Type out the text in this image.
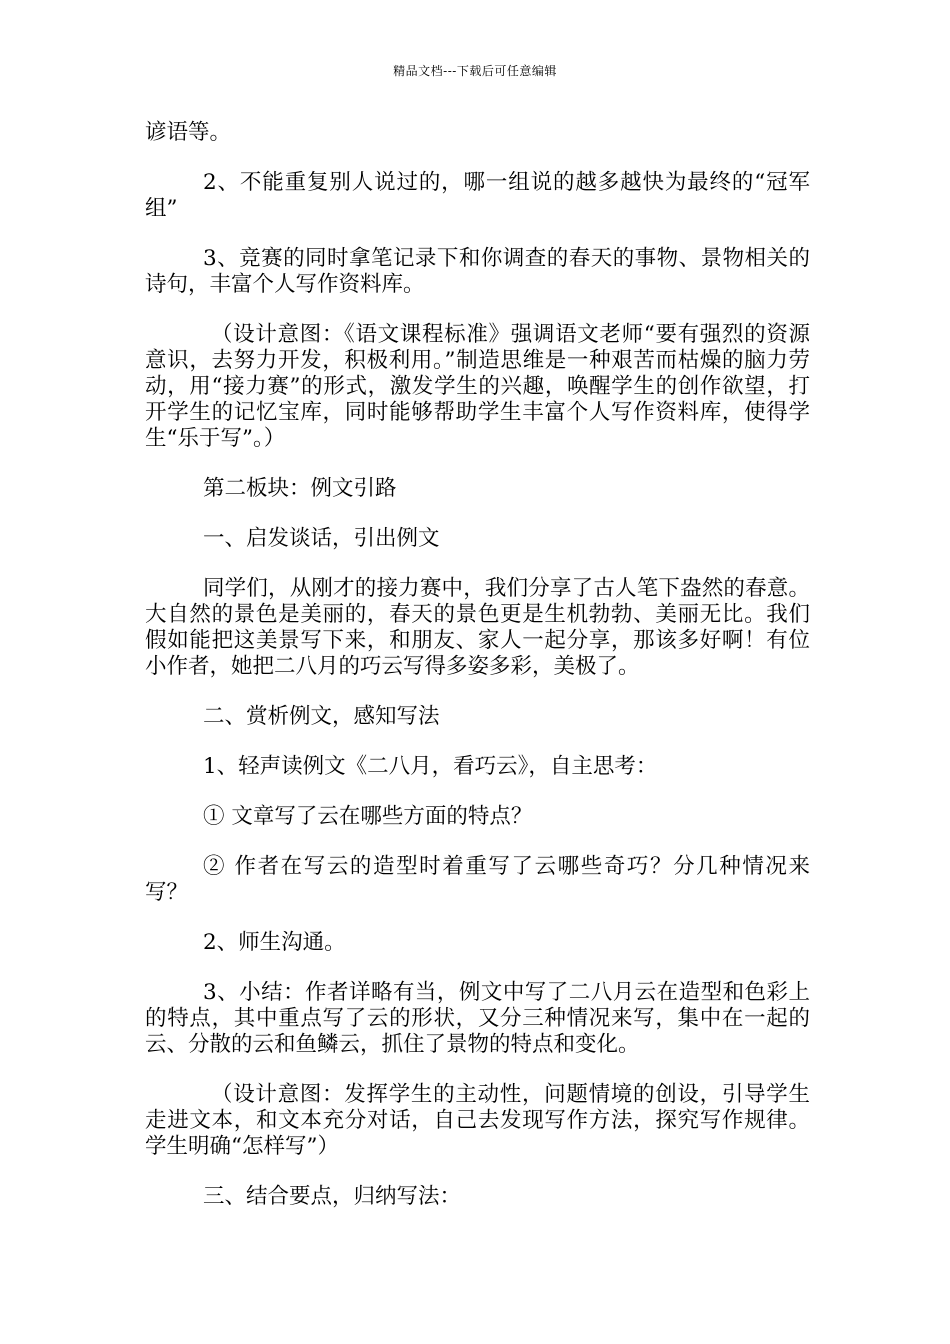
精品文档---下载后可任意编辑

谚语等。

2、不能重复别人说过的，哪一组说的越多越快为最终的“冠军组”

3、竞赛的同时拿笔记录下和你调查的春天的事物、景物相关的诗句，丰富个人写作资料库。

（设计意图：《语文课程标准》强调语文老师“要有强烈的资源意识，去努力开发，积极利用。”制造思维是一种艰苦而枯燥的脑力劳动，用“接力赛”的形式，激发学生的兴趣，唤醒学生的创作欲望，打开学生的记忆宝库，同时能够帮助学生丰富个人写作资料库，使得学生“乐于写”。）

第二板块：例文引路

一、启发谈话，引出例文

同学们，从刚才的接力赛中，我们分享了古人笔下盎然的春意。大自然的景色是美丽的，春天的景色更是生机勃勃、美丽无比。我们假如能把这美景写下来，和朋友、家人一起分享，那该多好啊！有位小作者，她把二八月的巧云写得多姿多彩，美极了。

二、赏析例文，感知写法

1、轻声读例文《二八月，看巧云》，自主思考：

① 文章写了云在哪些方面的特点？

② 作者在写云的造型时着重写了云哪些奇巧？分几种情况来写？

2、师生沟通。

3、小结：作者详略有当，例文中写了二八月云在造型和色彩上的特点，其中重点写了云的形状，又分三种情况来写，集中在一起的云、分散的云和鱼鳞云，抓住了景物的特点和变化。

（设计意图：发挥学生的主动性，问题情境的创设，引导学生走进文本，和文本充分对话，自己去发现写作方法，探究写作规律。学生明确“怎样写”）

三、结合要点，归纳写法：
